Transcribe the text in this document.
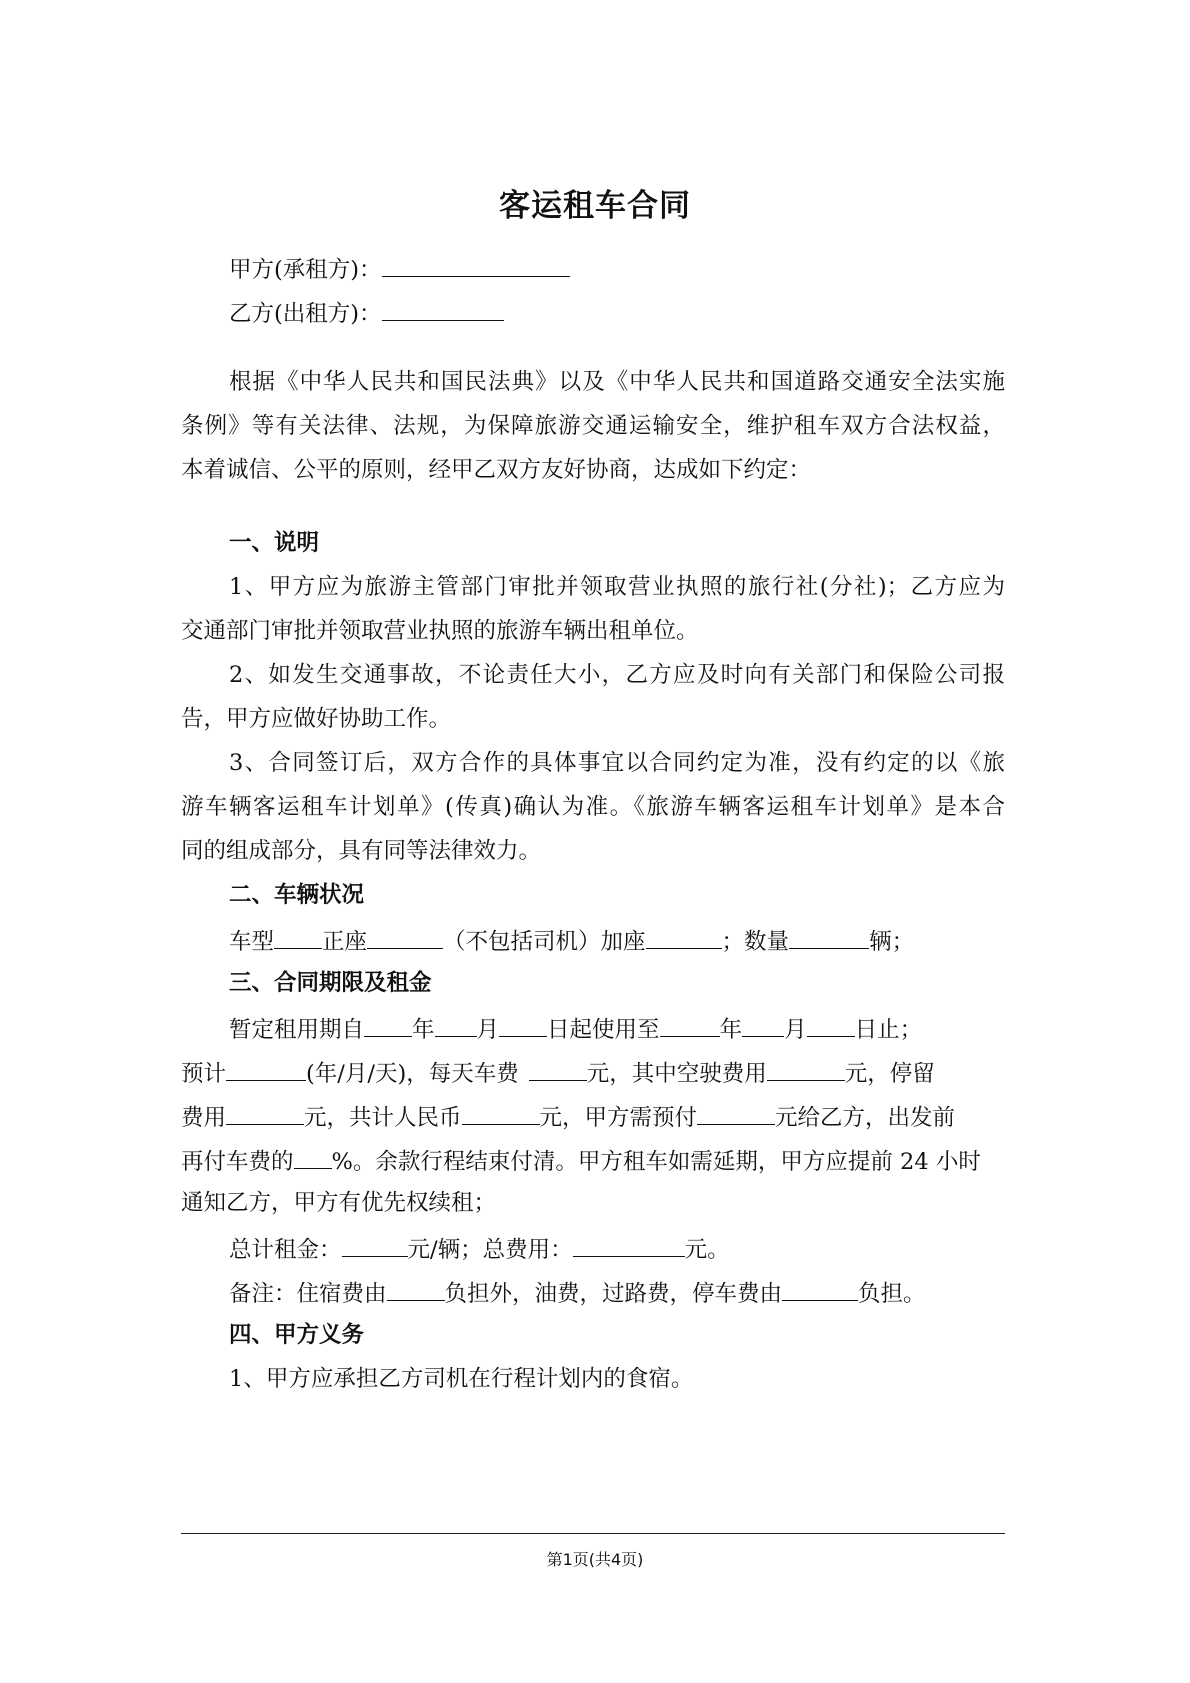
客运租车合同
甲方(承租方)：
乙方(出租方)：
根据《中华人民共和国民法典》以及《中华人民共和国道路交通安全法实施
条例》等有关法律、法规，为保障旅游交通运输安全，维护租车双方合法权益，
本着诚信、公平的原则，经甲乙双方友好协商，达成如下约定：
一、说明
1、甲方应为旅游主管部门审批并领取营业执照的旅行社(分社)；乙方应为
交通部门审批并领取营业执照的旅游车辆出租单位。
2、如发生交通事故，不论责任大小，乙方应及时向有关部门和保险公司报
告，甲方应做好协助工作。
3、合同签订后，双方合作的具体事宜以合同约定为准，没有约定的以《旅
游车辆客运租车计划单》(传真)确认为准。《旅游车辆客运租车计划单》是本合
同的组成部分，具有同等法律效力。
二、车辆状况
车型 正座	（不包括司机）加座	；数量	辆；
三、合同期限及租金
暂定租用期自 年 月 日起使用至	年 月 日止；
预计	(年/月/天)，每天车费	元，其中空驶费用	元，停留
费用	元，共计人民币	元，甲方需预付	元给乙方，出发前
再付车费的 %。余款行程结束付清。甲方租车如需延期，甲方应提前 24 小时
通知乙方，甲方有优先权续租；
总计租金：	元/辆；总费用：	元。
备注：住宿费由	负担外，油费，过路费，停车费由	负担。
四、甲方义务
1、甲方应承担乙方司机在行程计划内的食宿。
第1页(共4页)
